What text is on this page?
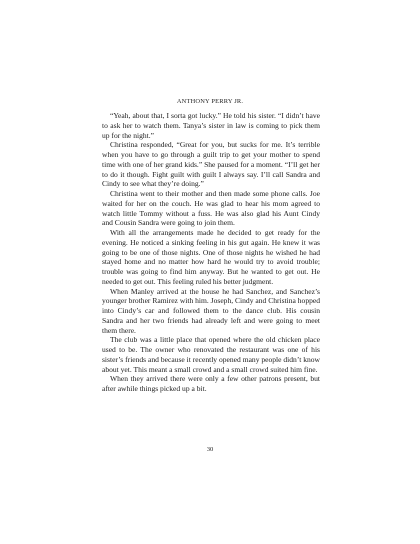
ANTHONY PERRY JR.

“Yeah, about that, I sorta got lucky.” He told his sister. “I didn’t have to ask her to watch them. Tanya’s sister in law is coming to pick them up for the night.”

Christina responded, “Great for you, but sucks for me. It’s terrible when you have to go through a guilt trip to get your mother to spend time with one of her grand kids.” She paused for a moment. “I’ll get her to do it though. Fight guilt with guilt I always say. I’ll call Sandra and Cindy to see what they’re doing.”

Christina went to their mother and then made some phone calls. Joe waited for her on the couch. He was glad to hear his mom agreed to watch little Tommy without a fuss. He was also glad his Aunt Cindy and Cousin Sandra were going to join them.

With all the arrangements made he decided to get ready for the evening. He noticed a sinking feeling in his gut again. He knew it was going to be one of those nights. One of those nights he wished he had stayed home and no matter how hard he would try to avoid trouble; trouble was going to find him anyway. But he wanted to get out. He needed to get out. This feeling ruled his better judgment.

When Manley arrived at the house he had Sanchez, and Sanchez’s younger brother Ramirez with him. Joseph, Cindy and Christina hopped into Cindy’s car and followed them to the dance club. His cousin Sandra and her two friends had already left and were going to meet them there.

The club was a little place that opened where the old chicken place used to be. The owner who renovated the restaurant was one of his sister’s friends and because it recently opened many people didn’t know about yet. This meant a small crowd and a small crowd suited him fine.

When they arrived there were only a few other patrons present, but after awhile things picked up a bit.

30
